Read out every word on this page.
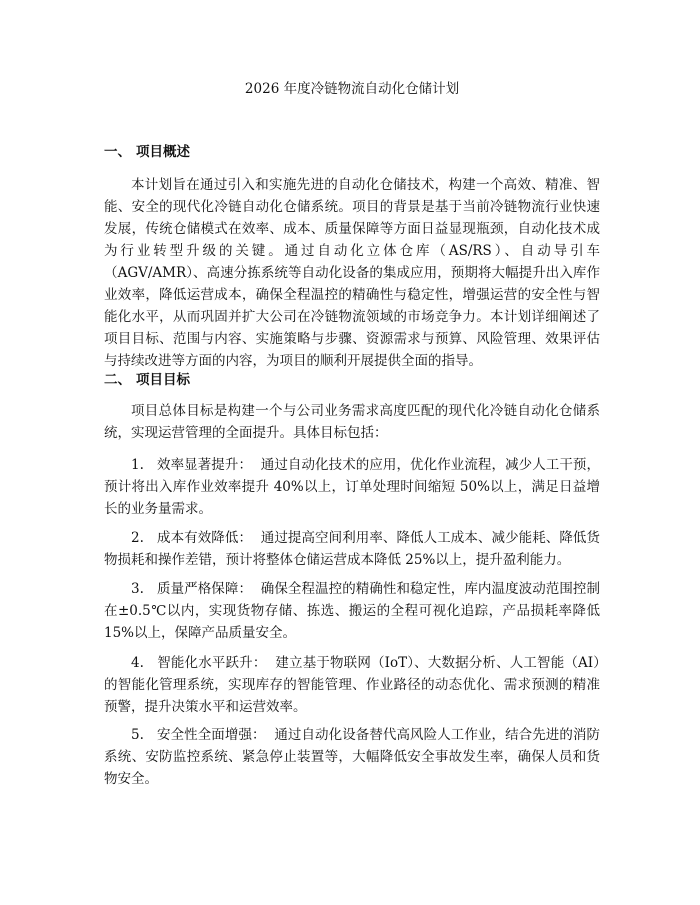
2026 年度冷链物流自动化仓储计划
一、 项目概述

本计划旨在通过引入和实施先进的自动化仓储技术，构建一个高效、精准、智能、安全的现代化冷链自动化仓储系统。项目的背景是基于当前冷链物流行业快速发展，传统仓储模式在效率、成本、质量保障等方面日益显现瓶颈，自动化技术成为行业转型升级的关键。通过自动化立体仓库（AS/RS）、自动导引车（AGV/AMR）、高速分拣系统等自动化设备的集成应用，预期将大幅提升出入库作业效率，降低运营成本，确保全程温控的精确性与稳定性，增强运营的安全性与智能化水平，从而巩固并扩大公司在冷链物流领域的市场竞争力。本计划详细阐述了项目目标、范围与内容、实施策略与步骤、资源需求与预算、风险管理、效果评估与持续改进等方面的内容，为项目的顺利开展提供全面的指导。

二、 项目目标

项目总体目标是构建一个与公司业务需求高度匹配的现代化冷链自动化仓储系统，实现运营管理的全面提升。具体目标包括：

1. 效率显著提升： 通过自动化技术的应用，优化作业流程，减少人工干预，预计将出入库作业效率提升 40%以上，订单处理时间缩短 50%以上，满足日益增长的业务量需求。

2. 成本有效降低： 通过提高空间利用率、降低人工成本、减少能耗、降低货物损耗和操作差错，预计将整体仓储运营成本降低 25%以上，提升盈利能力。

3. 质量严格保障： 确保全程温控的精确性和稳定性，库内温度波动范围控制在±0.5℃以内，实现货物存储、拣选、搬运的全程可视化追踪，产品损耗率降低 15%以上，保障产品质量安全。

4. 智能化水平跃升： 建立基于物联网（IoT）、大数据分析、人工智能（AI）的智能化管理系统，实现库存的智能管理、作业路径的动态优化、需求预测的精准预警，提升决策水平和运营效率。

5. 安全性全面增强： 通过自动化设备替代高风险人工作业，结合先进的消防系统、安防监控系统、紧急停止装置等，大幅降低安全事故发生率，确保人员和货物安全。
